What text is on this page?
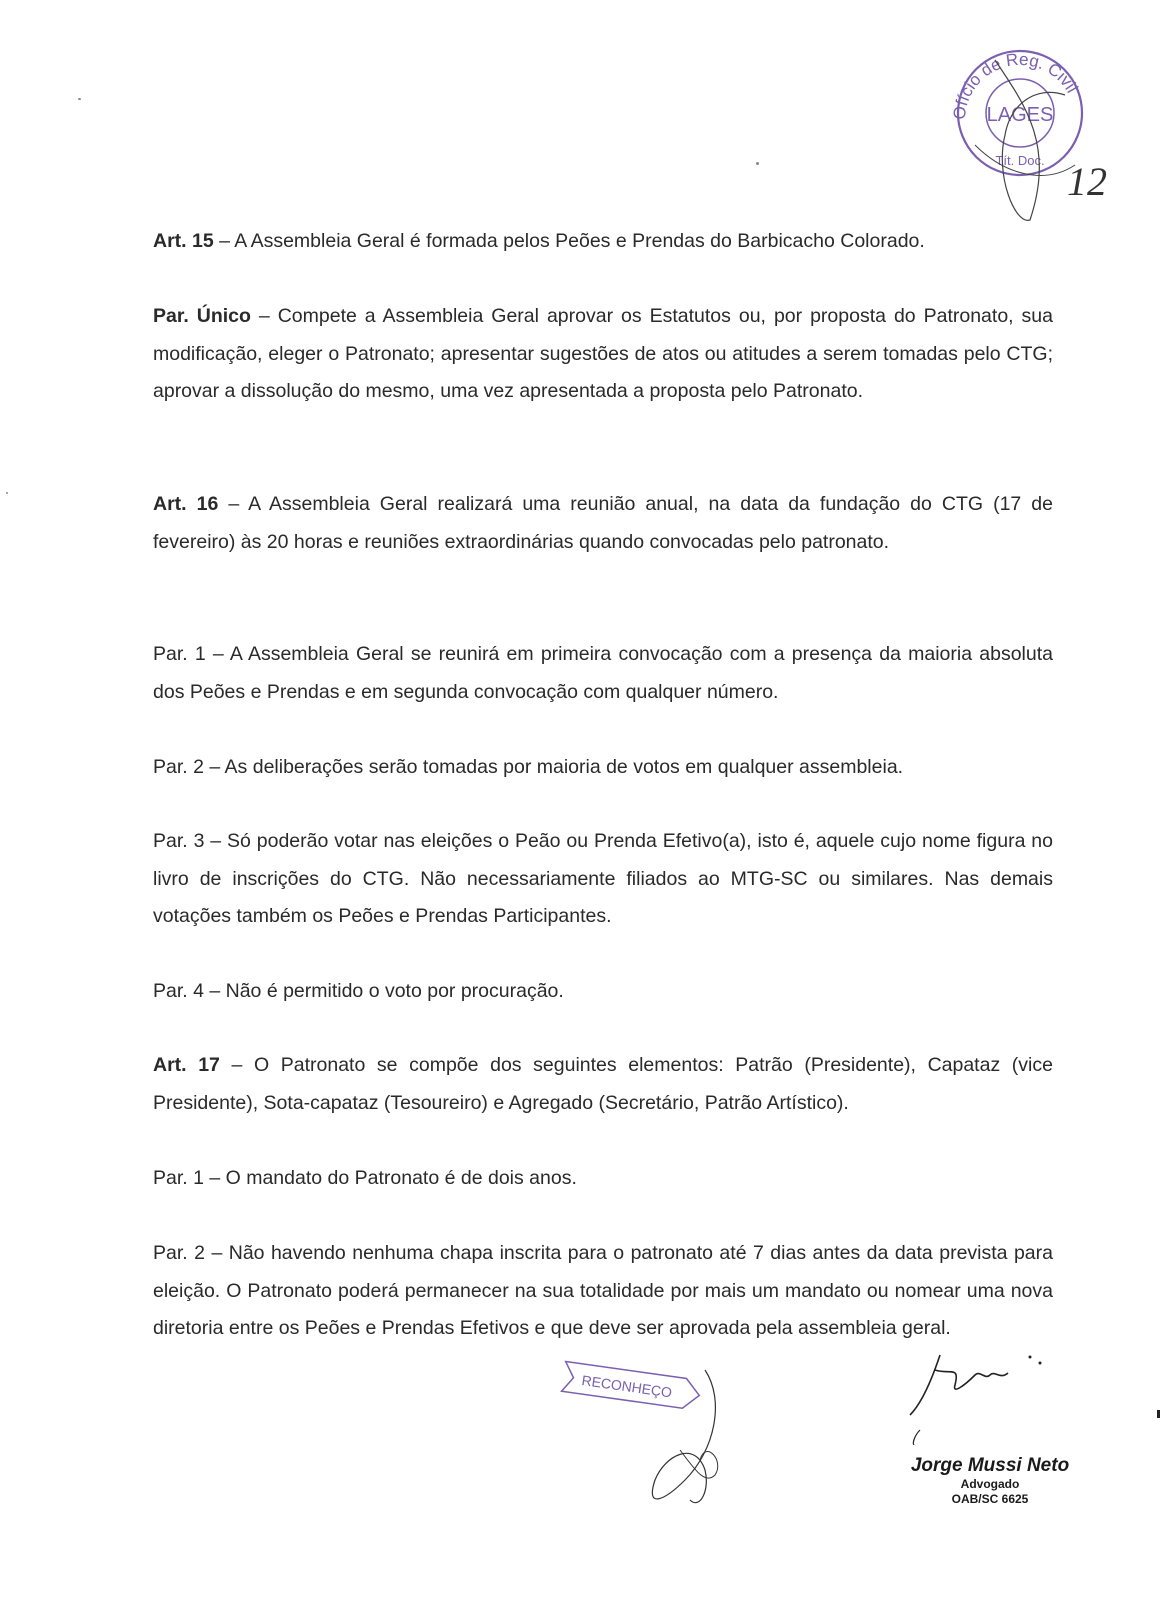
Ofício de Reg. Civil
LAGES
Tít. Doc. 12

Art. 15 – A Assembleia Geral é formada pelos Peões e Prendas do Barbicacho Colorado.

Par. Único – Compete a Assembleia Geral aprovar os Estatutos ou, por proposta do Patronato, sua modificação, eleger o Patronato; apresentar sugestões de atos ou atitudes a serem tomadas pelo CTG; aprovar a dissolução do mesmo, uma vez apresentada a proposta pelo Patronato.

Art. 16 – A Assembleia Geral realizará uma reunião anual, na data da fundação do CTG (17 de fevereiro) às 20 horas e reuniões extraordinárias quando convocadas pelo patronato.

Par. 1 – A Assembleia Geral se reunirá em primeira convocação com a presença da maioria absoluta dos Peões e Prendas e em segunda convocação com qualquer número.

Par. 2 – As deliberações serão tomadas por maioria de votos em qualquer assembleia.

Par. 3 – Só poderão votar nas eleições o Peão ou Prenda Efetivo(a), isto é, aquele cujo nome figura no livro de inscrições do CTG. Não necessariamente filiados ao MTG-SC ou similares. Nas demais votações também os Peões e Prendas Participantes.

Par. 4 – Não é permitido o voto por procuração.

Art. 17 – O Patronato se compõe dos seguintes elementos: Patrão (Presidente), Capataz (vice Presidente), Sota-capataz (Tesoureiro) e Agregado (Secretário, Patrão Artístico).

Par. 1 – O mandato do Patronato é de dois anos.

Par. 2 – Não havendo nenhuma chapa inscrita para o patronato até 7 dias antes da data prevista para eleição. O Patronato poderá permanecer na sua totalidade por mais um mandato ou nomear uma nova diretoria entre os Peões e Prendas Efetivos e que deve ser aprovada pela assembleia geral.

RECONHEÇO
Jorge Mussi Neto
Advogado
OAB/SC 6625
